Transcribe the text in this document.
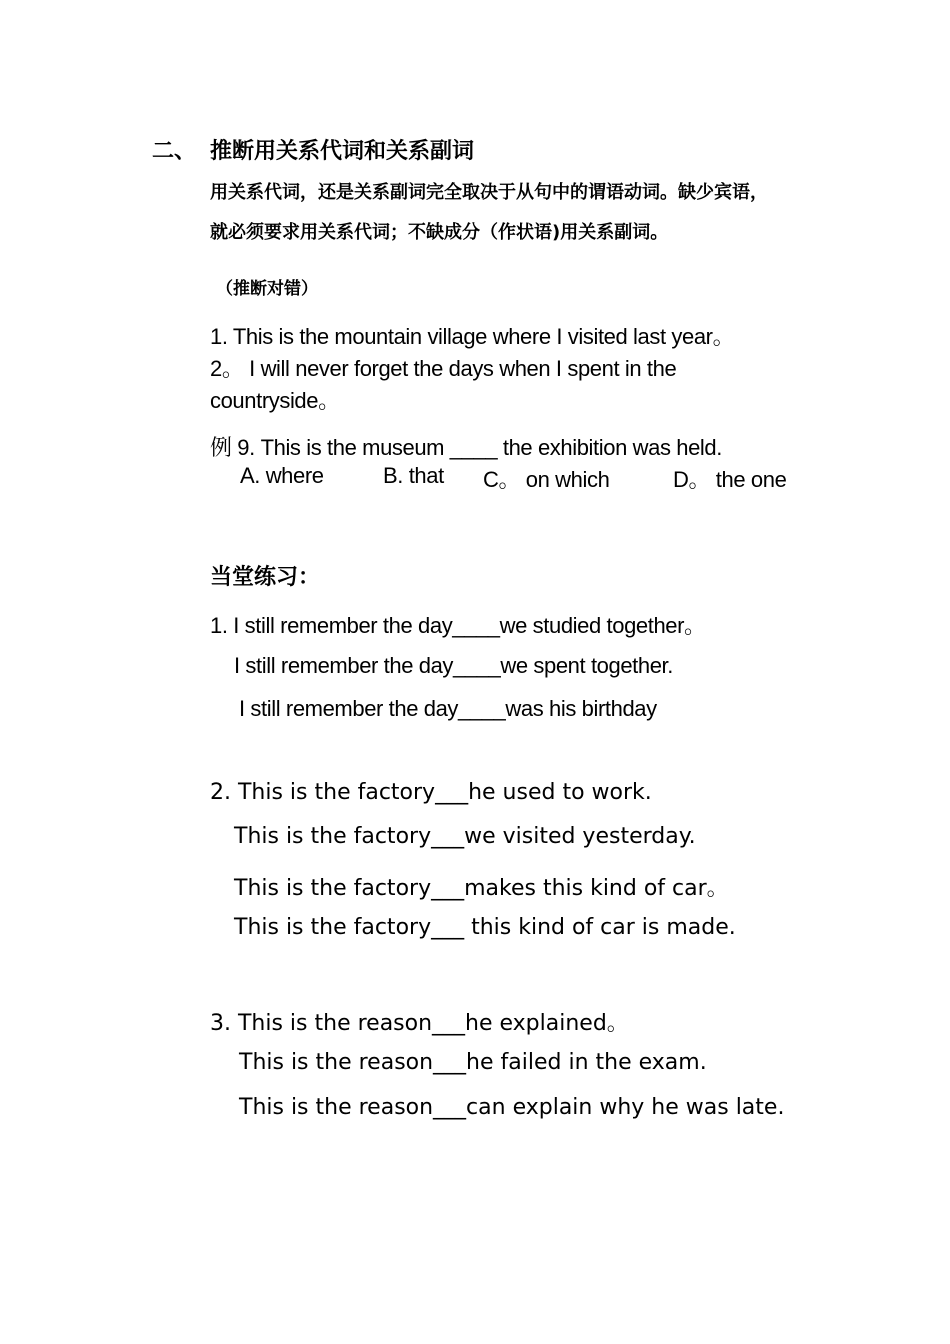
二、 推断用关系代词和关系副词
用关系代词，还是关系副词完全取决于从句中的谓语动词。缺少宾语，
就必须要求用关系代词；不缺成分（作状语)用关系副词。
（推断对错）
1. This is the mountain village where I visited last year。
2。 I will never forget the days when I spent in the
countryside。
例 9. This is the museum ____ the exhibition was held.
A. where	B. that C。 on which	D。 the one
当堂练习：
1. I still remember the day____we studied together。
I still remember the day____we spent together.
I still remember the day____was his birthday
2. This is the factory___he used to work.
This is the factory___we visited yesterday.
This is the factory___makes this kind of car。
This is the factory___ this kind of car is made.
3. This is the reason___he explained。
This is the reason___he failed in the exam.
This is the reason___can explain why he was late.
